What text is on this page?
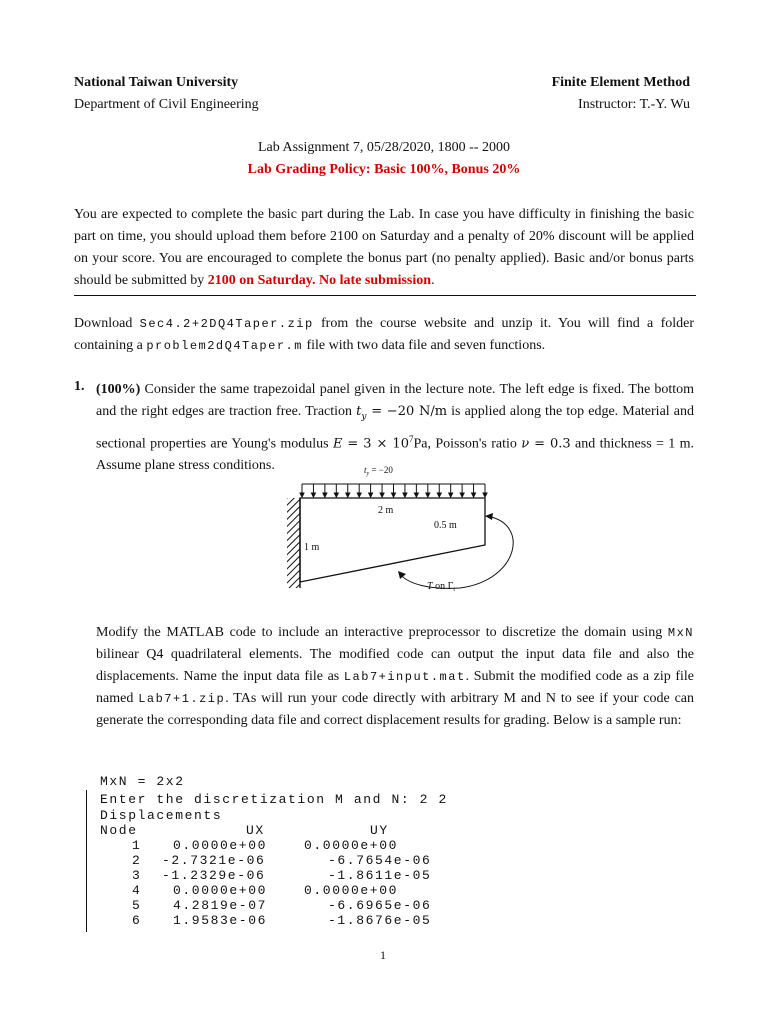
National Taiwan University
Department of Civil Engineering
Finite Element Method
Instructor: T.-Y. Wu
Lab Assignment 7, 05/28/2020, 1800 -- 2000
Lab Grading Policy: Basic 100%, Bonus 20%

You are expected to complete the basic part during the Lab. In case you have difficulty in finishing the basic part on time, you should upload them before 2100 on Saturday and a penalty of 20% discount will be applied on your score. You are encouraged to complete the bonus part (no penalty applied). Basic and/or bonus parts should be submitted by 2100 on Saturday. No late submission.

Download Sec4.2+2DQ4Taper.zip from the course website and unzip it. You will find a folder containing a problem2dQ4Taper.m file with two data file and seven functions.

1. (100%) Consider the same trapezoidal panel given in the lecture note. The left edge is fixed. The bottom and the right edges are traction free. Traction $t_y = -20$ N/m is applied along the top edge. Material and sectional properties are Young's modulus $E = 3 \times 10^7Pa$, Poisson's ratio ν = 0.3 and thickness = 1 m. Assume plane stress conditions.	$t_y = -20$
2 m
0.5 m
1 m
T on $\Gamma_t$
Modify the MATLAB code to include an interactive preprocessor to discretize the domain using MxN bilinear Q4 quadrilateral elements. The modified code can output the input data file and also the displacements. Name the input data file as Lab7+input.mat. Submit the modified code as a zip file named Lab7+1.zip. TAs will run your code directly with arbitrary M and N to see if your code can generate the corresponding data file and correct displacement results for grading. Below is a sample run:
MxN = 2x2
Enter the discretization M and N: 2 2
Displacements
Node	UX	UY
1 0.0000e+00	0.0000e+00
2 -2.7321e-06	-6.7654e-06
3 -1.2329e-06	-1.8611e-05
4 0.0000e+00	0.0000e+00
5 4.2819e-07	-6.6965e-06
6 1.9583e-06	-1.8676e-05
1
